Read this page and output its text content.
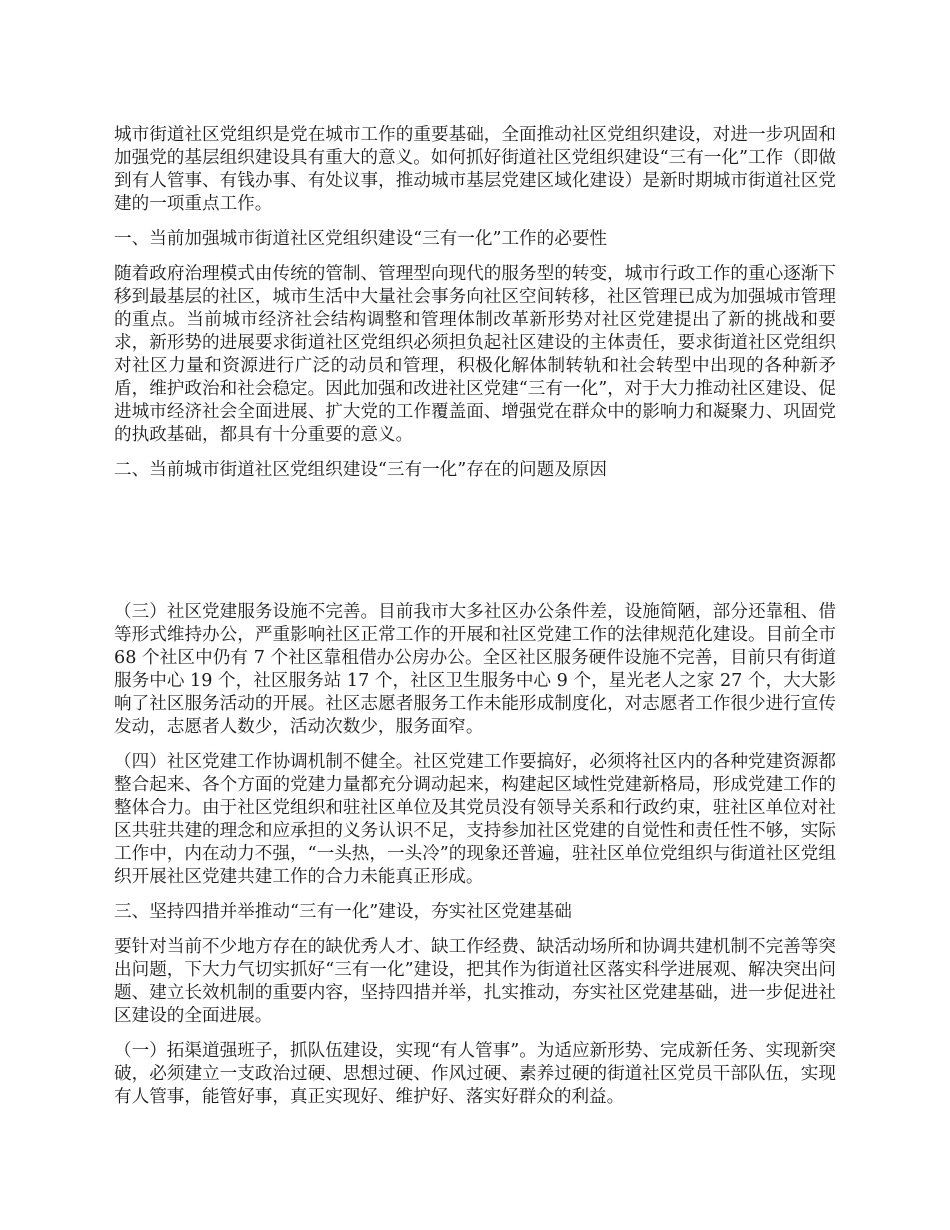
城市街道社区党组织是党在城市工作的重要基础，全面推动社区党组织建设，对进一步巩固和加强党的基层组织建设具有重大的意义。如何抓好街道社区党组织建设“三有一化”工作（即做到有人管事、有钱办事、有处议事，推动城市基层党建区域化建设）是新时期城市街道社区党建的一项重点工作。

一、当前加强城市街道社区党组织建设“三有一化”工作的必要性

随着政府治理模式由传统的管制、管理型向现代的服务型的转变，城市行政工作的重心逐渐下移到最基层的社区，城市生活中大量社会事务向社区空间转移，社区管理已成为加强城市管理的重点。当前城市经济社会结构调整和管理体制改革新形势对社区党建提出了新的挑战和要求，新形势的进展要求街道社区党组织必须担负起社区建设的主体责任，要求街道社区党组织对社区力量和资源进行广泛的动员和管理，积极化解体制转轨和社会转型中出现的各种新矛盾，维护政治和社会稳定。因此加强和改进社区党建“三有一化”，对于大力推动社区建设、促进城市经济社会全面进展、扩大党的工作覆盖面、增强党在群众中的影响力和凝聚力、巩固党的执政基础，都具有十分重要的意义。

二、当前城市街道社区党组织建设“三有一化”存在的问题及原因

（三）社区党建服务设施不完善。目前我市大多社区办公条件差，设施简陋，部分还靠租、借等形式维持办公，严重影响社区正常工作的开展和社区党建工作的法律规范化建设。目前全市 68 个社区中仍有 7 个社区靠租借办公房办公。全区社区服务硬件设施不完善，目前只有街道服务中心 19 个，社区服务站 17 个，社区卫生服务中心 9 个，星光老人之家 27 个，大大影响了社区服务活动的开展。社区志愿者服务工作未能形成制度化，对志愿者工作很少进行宣传发动，志愿者人数少，活动次数少，服务面窄。

（四）社区党建工作协调机制不健全。社区党建工作要搞好，必须将社区内的各种党建资源都整合起来、各个方面的党建力量都充分调动起来，构建起区域性党建新格局，形成党建工作的整体合力。由于社区党组织和驻社区单位及其党员没有领导关系和行政约束，驻社区单位对社区共驻共建的理念和应承担的义务认识不足，支持参加社区党建的自觉性和责任性不够，实际工作中，内在动力不强，“一头热，一头冷”的现象还普遍，驻社区单位党组织与街道社区党组织开展社区党建共建工作的合力未能真正形成。

三、坚持四措并举推动“三有一化”建设，夯实社区党建基础

要针对当前不少地方存在的缺优秀人才、缺工作经费、缺活动场所和协调共建机制不完善等突出问题，下大力气切实抓好“三有一化”建设，把其作为街道社区落实科学进展观、解决突出问题、建立长效机制的重要内容，坚持四措并举，扎实推动，夯实社区党建基础，进一步促进社区建设的全面进展。

（一）拓渠道强班子，抓队伍建设，实现“有人管事”。为适应新形势、完成新任务、实现新突破，必须建立一支政治过硬、思想过硬、作风过硬、素养过硬的街道社区党员干部队伍，实现有人管事，能管好事，真正实现好、维护好、落实好群众的利益。
